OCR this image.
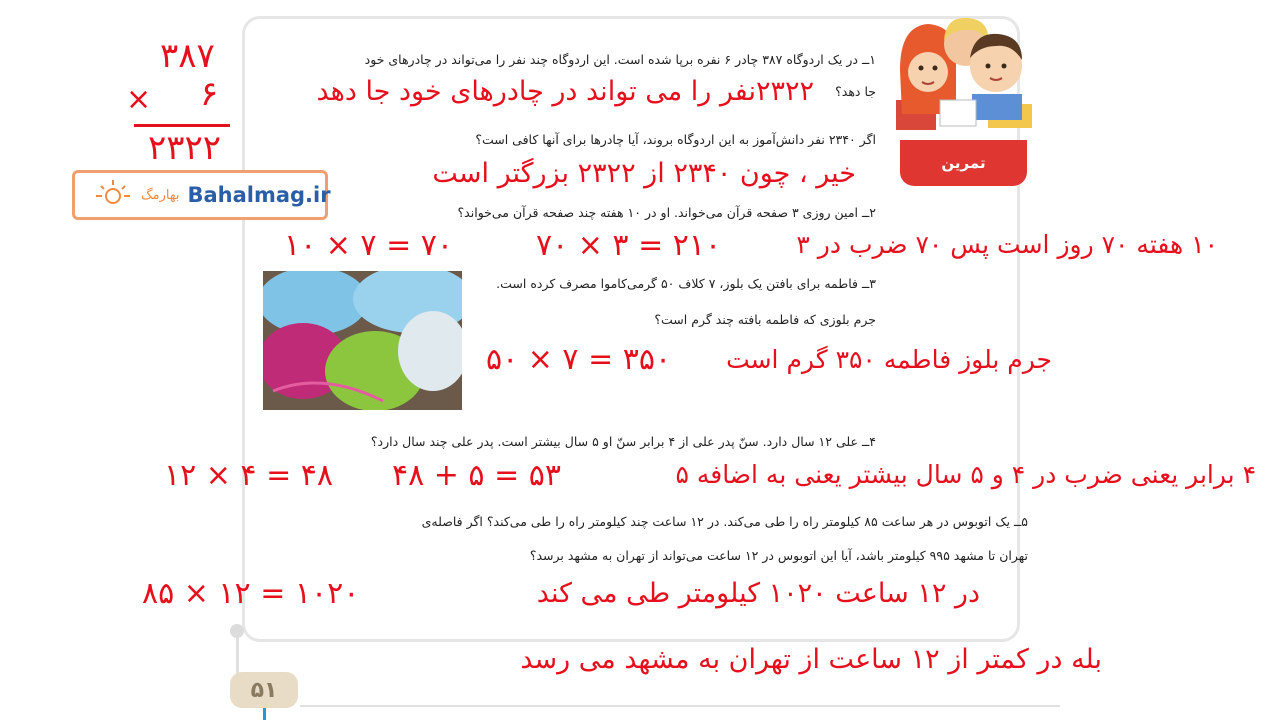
تمرین
۳۸۷
× ۶
۲۳۲۲
بهارمگ Bahalmag.ir
۱ــ در یک اردوگاه ۳۸۷ چادر ۶ نفره برپا شده است. این اردوگاه چند نفر را می‌تواند در چادرهای خود
جا دهد؟
۲۳۲۲نفر را می تواند در چادرهای خود جا دهد
اگر ۲۳۴۰ نفر دانش‌آموز به این اردوگاه بروند، آیا چادرها برای آنها کافی است؟
خیر ، چون ۲۳۴۰ از ۲۳۲۲ بزرگتر است
۲ــ امین روزی ۳ صفحه قرآن می‌خواند. او در ۱۰ هفته چند صفحه قرآن می‌خواند؟
۱۰ هفته ۷۰ روز است پس ۷۰ ضرب در ۳
۷۰ × ۳ = ۲۱۰
۱۰ × ۷ = ۷۰
۳ــ فاطمه برای بافتن یک بلوز، ۷ کلاف ۵۰ گرمی‌کاموا مصرف کرده است.
جرم بلوزی که فاطمه بافته چند گرم است؟
جرم بلوز فاطمه ۳۵۰ گرم است
۵۰ × ۷ = ۳۵۰
۴ــ علی ۱۲ سال دارد. سنّ پدر علی از ۴ برابر سنّ او ۵ سال بیشتر است. پدر علی چند سال دارد؟
۴ برابر یعنی ضرب در ۴ و ۵ سال بیشتر یعنی به اضافه ۵
۴۸ + ۵ = ۵۳
۱۲ × ۴ = ۴۸
۵ــ یک اتوبوس در هر ساعت ۸۵ کیلومتر راه را طی می‌کند. در ۱۲ ساعت چند کیلومتر راه را طی می‌کند؟ اگر فاصله‌ی
تهران تا مشهد ۹۹۵ کیلومتر باشد، آیا این اتوبوس در ۱۲ ساعت می‌تواند از تهران به مشهد برسد؟
در ۱۲ ساعت ۱۰۲۰ کیلومتر طی می کند
۸۵ × ۱۲ = ۱۰۲۰
بله در کمتر از ۱۲ ساعت از تهران به مشهد می رسد
۵۱
